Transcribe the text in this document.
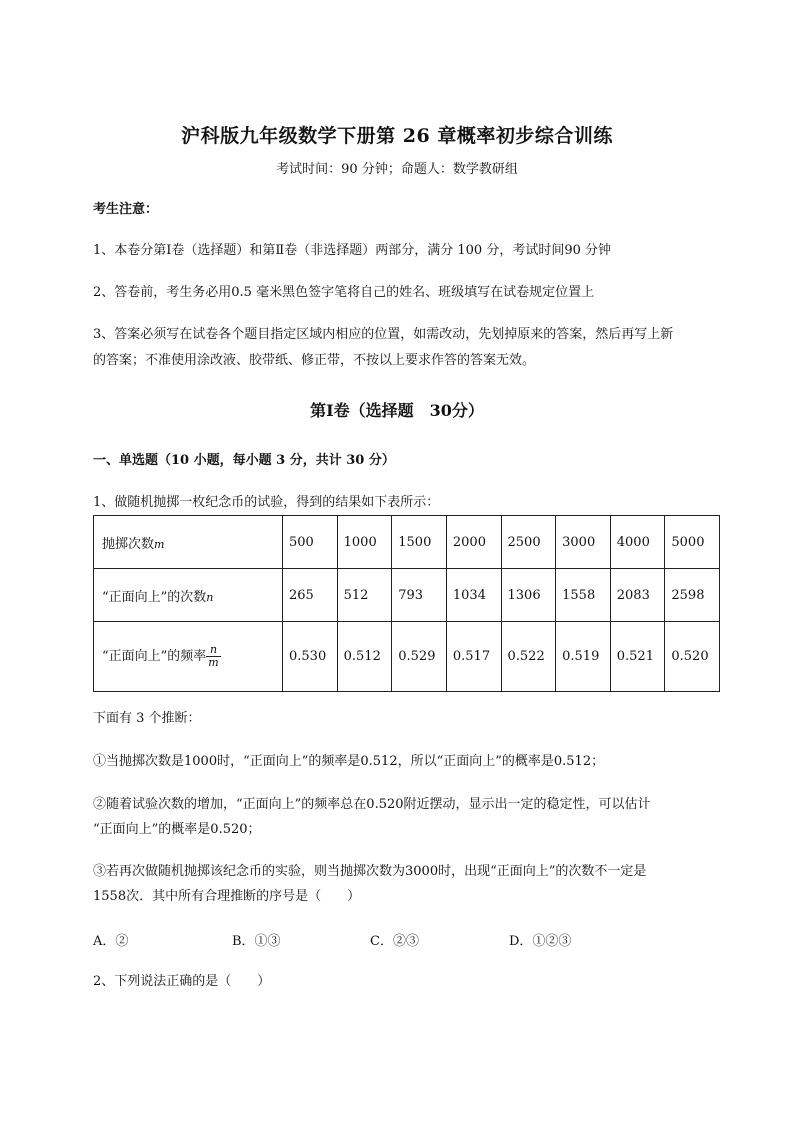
沪科版九年级数学下册第 26 章概率初步综合训练
考试时间：90 分钟；命题人：数学教研组
考生注意：
1、本卷分第Ⅰ卷（选择题）和第Ⅱ卷（非选择题）两部分，满分 100 分，考试时间90 分钟
2、答卷前，考生务必用0.5 毫米黑色签字笔将自己的姓名、班级填写在试卷规定位置上
3、答案必须写在试卷各个题目指定区域内相应的位置，如需改动，先划掉原来的答案，然后再写上新
的答案；不准使用涂改液、胶带纸、修正带，不按以上要求作答的答案无效。
第Ⅰ卷（选择题　30分）
一、单选题（10 小题，每小题 3 分，共计 30 分）
1、做随机抛掷一枚纪念币的试验，得到的结果如下表所示：
抛掷次数m	500	1000	1500	2000	2500	3000	4000	5000
“正面向上”的次数n	265	512	793	1034	1306	1558	2083	2598
“正面向上”的频率 $\frac{n}{m}$	0.530	0.512	0.529	0.517	0.522	0.519	0.521	0.520
下面有 3 个推断：
①当抛掷次数是1000时，“正面向上”的频率是0.512，所以“正面向上”的概率是0.512；
②随着试验次数的增加，“正面向上”的频率总在0.520附近摆动，显示出一定的稳定性，可以估计
“正面向上”的概率是0.520；
③若再次做随机抛掷该纪念币的实验，则当抛掷次数为3000时，出现“正面向上”的次数不一定是
1558次．其中所有合理推断的序号是（　　）
A．②	B．①③	C．②③	D．①②③
2、下列说法正确的是（　　）
